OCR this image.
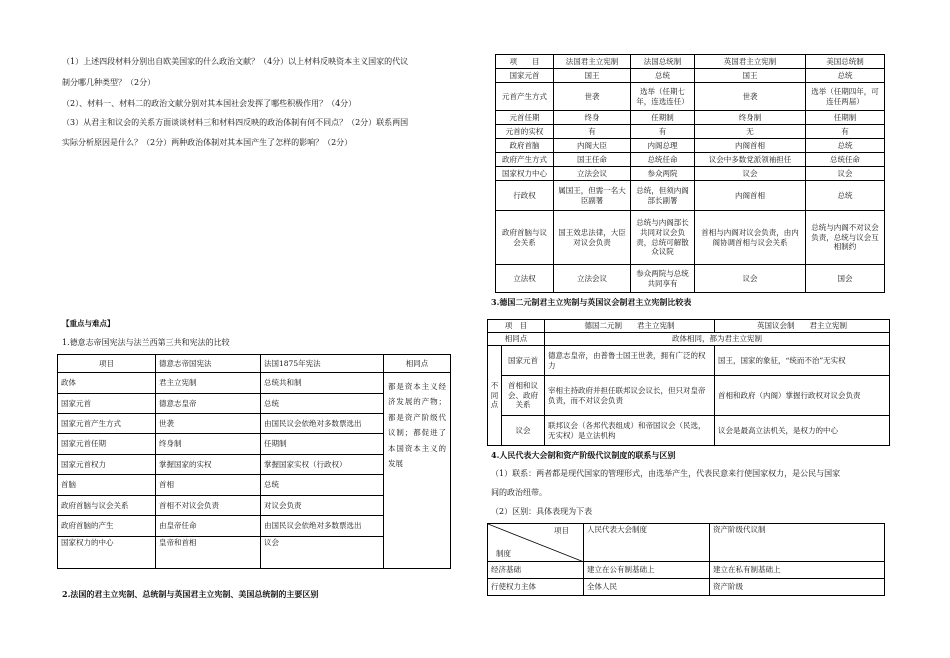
（1）上述四段材料分别出自欧美国家的什么政治文献？（4分）以上材料反映资本主义国家的代议

制分哪几种类型？（2分）

（2）、材料一、材料二的政治文献分别对其本国社会发挥了哪些积极作用？（4分）

（3）从君主和议会的关系方面谈谈材料三和材料四反映的政治体制有何不同点？（2分）联系两国

实际分析原因是什么？（2分）两种政治体制对其本国产生了怎样的影响？（2分）

【重点与难点】

1.德意志帝国宪法与法兰西第三共和宪法的比较

项目	德意志帝国宪法	法国1875年宪法	相同点
政体	君主立宪制	总统共和制	都是资本主义经济发展的产物；都是资产阶级代议制；都促进了本国资本主义的发展
国家元首	德意志皇帝	总统	
国家元首产生方式	世袭	由国民议会依绝对多数票选出	
国家元首任期	终身制	任期制	
国家元首权力	掌握国家的实权	掌握国家实权（行政权）	
首脑	首相	总统	
政府首脑与议会关系	首相不对议会负责	对议会负责	
政府首脑的产生	由皇帝任命	由国民议会依绝对多数票选出	
国家权力的中心	皇帝和首相	议会	

2.法国的君主立宪制、总统制与英国君主立宪制、美国总统制的主要区别

项　　目	法国君主立宪制	法国总统制	英国君主立宪制	美国总统制
国家元首	国王	总统	国王	总统
元首产生方式	世袭	选举（任期七年，连选连任）	世袭	选举（任期四年，可连任两届）
元首任期	终身	任期制	终身制	任期制
元首的实权	有	有	无	有
政府首脑	内阁大臣	内阁总理	内阁首相	总统
政府产生方式	国王任命	总统任命	议会中多数党派领袖担任	总统任命
国家权力中心	立法会议	参众两院	议会	议会
行政权	属国王，但需一名大臣副署	总统，但须内阁部长副署	内阁首相	总统
政府首脑与议会关系	国王效忠法律，大臣对议会负责	总统与内阁部长共同对议会负责，总统可解散众议院	首相与内阁对议会负责，由内阁协调首相与议会关系	总统与内阁不对议会负责，总统与议会互相制约
立法权	立法会议	参众两院与总统共同享有	议会	国会

3.德国二元制君主立宪制与英国议会制君主立宪制比较表

项　目		德国二元制　　君主立宪制	英国议会制　　君主立宪制
相同点		政体相同，都为君主立宪制	
不同点	国家元首	德意志皇帝，由普鲁士国王世袭，拥有广泛的权力	国王，国家的象征，“统而不治”无实权
	首相和议会、政府关系	宰相主持政府并担任联邦议会议长，但只对皇帝负责，而不对议会负责	首相和政府（内阁）掌握行政权对议会负责
	议会	联邦议会（各邦代表组成）和帝国议会（民选，无实权）是立法机构	议会是最高立法机关，是权力的中心

4.人民代表大会制和资产阶级代议制度的联系与区别

（1）联系：两者都是现代国家的管理形式，由选举产生，代表民意来行使国家权力，是公民与国家

间的政治纽带。

（2）区别：具体表现为下表

项目
制度	人民代表大会制度	资产阶级代议制
经济基础	建立在公有制基础上	建立在私有制基础上
行使权力主体	全体人民	资产阶级
